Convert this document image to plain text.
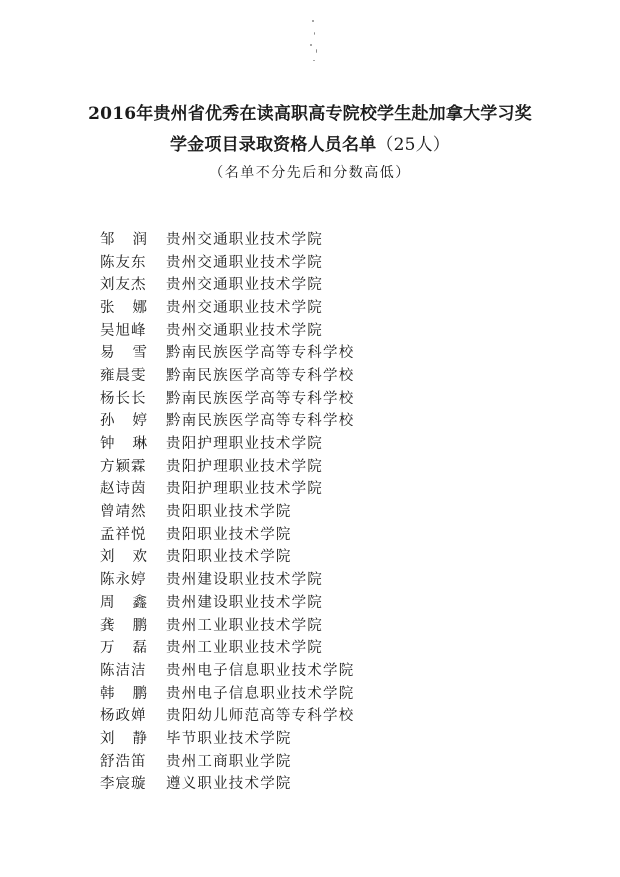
2016年贵州省优秀在读高职高专院校学生赴加拿大学习奖
学金项目录取资格人员名单（25人）
（名单不分先后和分数高低）
邹润 贵州交通职业技术学院
陈友东	贵州交通职业技术学院
刘友杰	贵州交通职业技术学院
张娜 贵州交通职业技术学院
吴旭峰	贵州交通职业技术学院
易雪 黔南民族医学高等专科学校
雍晨雯	黔南民族医学高等专科学校
杨长长	黔南民族医学高等专科学校
孙婷 黔南民族医学高等专科学校
钟琳 贵阳护理职业技术学院
方颖霖	贵阳护理职业技术学院
赵诗茵	贵阳护理职业技术学院
曾靖然	贵阳职业技术学院
孟祥悦	贵阳职业技术学院
刘欢 贵阳职业技术学院
陈永婷	贵州建设职业技术学院
周鑫 贵州建设职业技术学院
龚鹏 贵州工业职业技术学院
万磊 贵州工业职业技术学院
陈洁洁	贵州电子信息职业技术学院
韩鹏 贵州电子信息职业技术学院
杨政婵	贵阳幼儿师范高等专科学校
刘静 毕节职业技术学院
舒浩笛	贵州工商职业学院
李宸璇	遵义职业技术学院
